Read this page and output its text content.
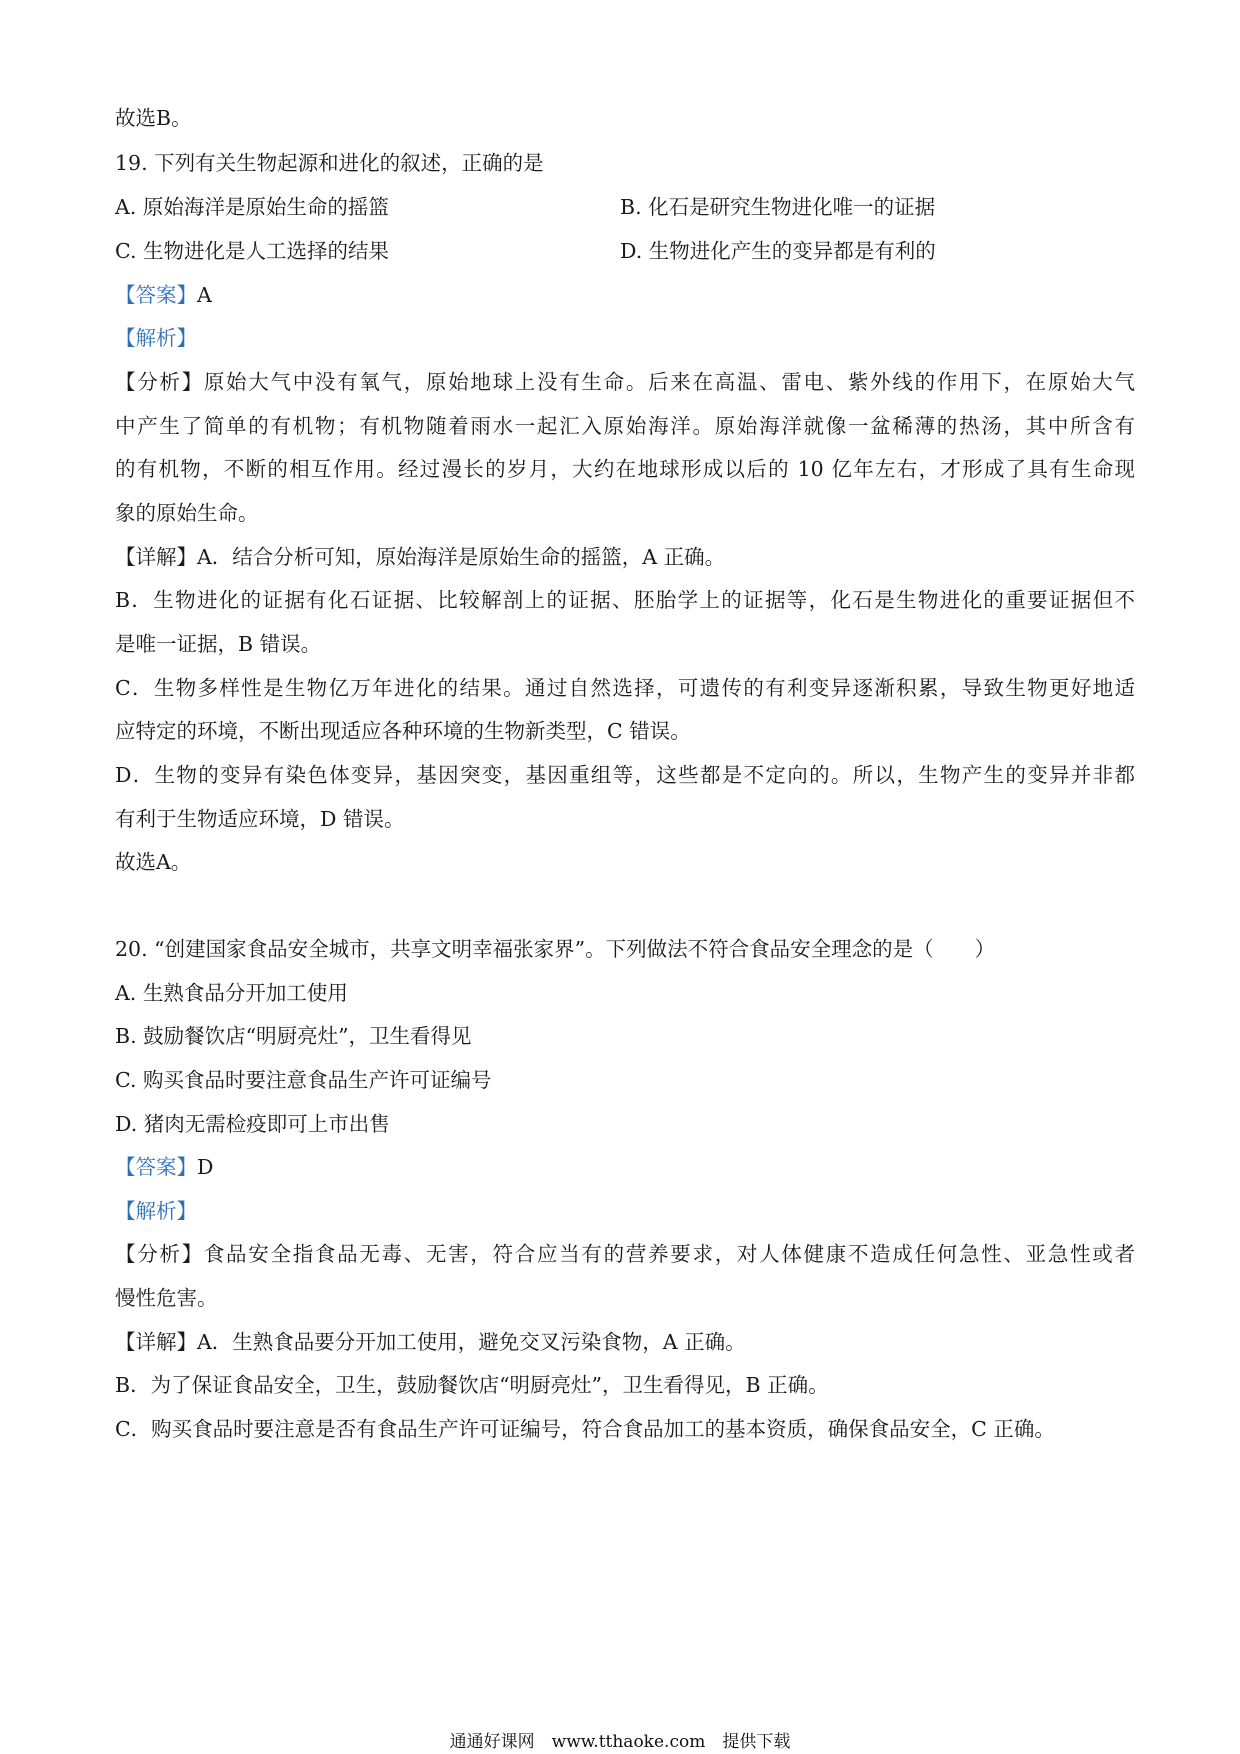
故选B。
19. 下列有关生物起源和进化的叙述，正确的是
A. 原始海洋是原始生命的摇篮	B. 化石是研究生物进化唯一的证据
C. 生物进化是人工选择的结果	D. 生物进化产生的变异都是有利的
【答案】A
【解析】
【分析】原始大气中没有氧气，原始地球上没有生命。后来在高温、雷电、紫外线的作用下，在原始大气
中产生了简单的有机物；有机物随着雨水一起汇入原始海洋。原始海洋就像一盆稀薄的热汤，其中所含有
的有机物，不断的相互作用。经过漫长的岁月，大约在地球形成以后的 10 亿年左右，才形成了具有生命现
象的原始生命。
【详解】A．结合分析可知，原始海洋是原始生命的摇篮，A 正确。
B．生物进化的证据有化石证据、比较解剖上的证据、胚胎学上的证据等，化石是生物进化的重要证据但不
是唯一证据，B 错误。
C．生物多样性是生物亿万年进化的结果。通过自然选择，可遗传的有利变异逐渐积累，导致生物更好地适
应特定的环境，不断出现适应各种环境的生物新类型，C 错误。
D．生物的变异有染色体变异，基因突变，基因重组等，这些都是不定向的。所以，生物产生的变异并非都
有利于生物适应环境，D 错误。
故选A。
20. “创建国家食品安全城市，共享文明幸福张家界”。下列做法不符合食品安全理念的是（　　）
A. 生熟食品分开加工使用
B. 鼓励餐饮店“明厨亮灶”，卫生看得见
C. 购买食品时要注意食品生产许可证编号
D. 猪肉无需检疫即可上市出售
【答案】D
【解析】
【分析】食品安全指食品无毒、无害，符合应当有的营养要求，对人体健康不造成任何急性、亚急性或者
慢性危害。
【详解】A．生熟食品要分开加工使用，避免交叉污染食物，A 正确。
B．为了保证食品安全，卫生，鼓励餐饮店“明厨亮灶”，卫生看得见，B 正确。
C．购买食品时要注意是否有食品生产许可证编号，符合食品加工的基本资质，确保食品安全，C 正确。
通通好课网　www.tthaoke.com　提供下载
